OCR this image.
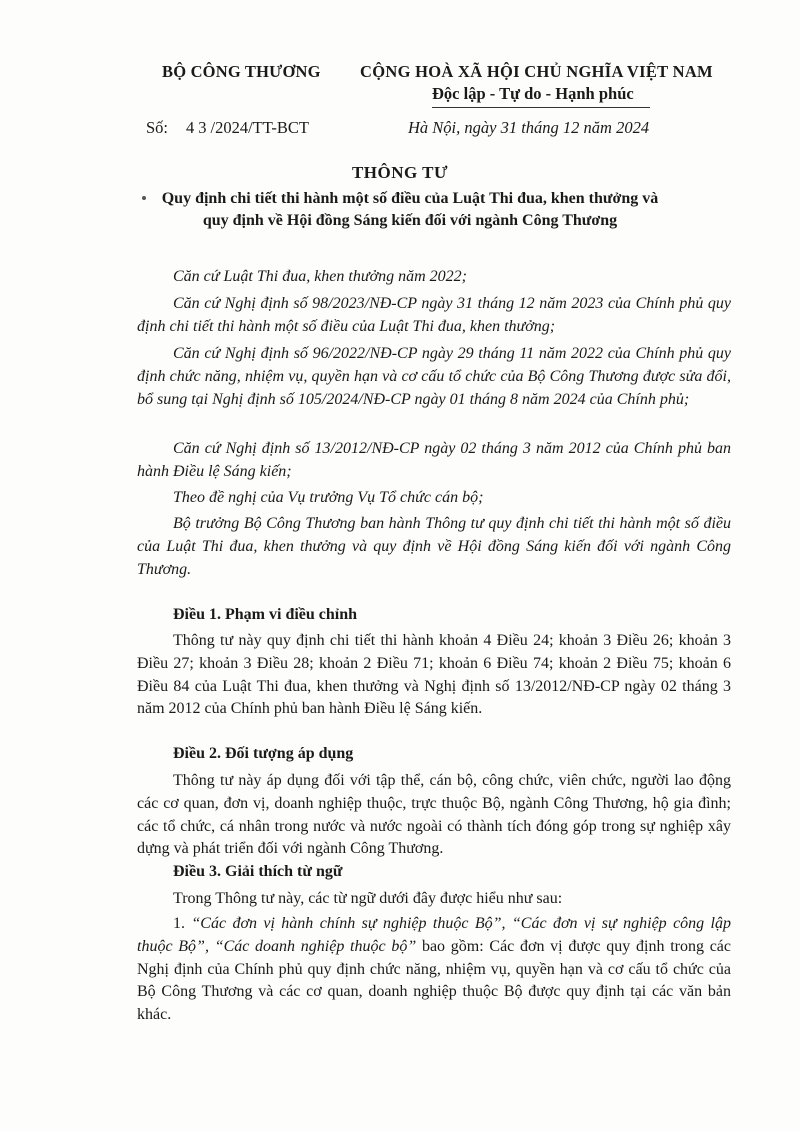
BỘ CÔNG THƯƠNG CỘNG HOÀ XÃ HỘI CHỦ NGHĨA VIỆT NAM
Độc lập - Tự do - Hạnh phúc
Số: 43/2024/TT-BCT	Hà Nội, ngày 31 tháng 12 năm 2024
THÔNG TƯ
Quy định chi tiết thi hành một số điều của Luật Thi đua, khen thưởng và
quy định về Hội đồng Sáng kiến đối với ngành Công Thương
Căn cứ Luật Thi đua, khen thưởng năm 2022;
Căn cứ Nghị định số 98/2023/NĐ-CP ngày 31 tháng 12 năm 2023 của Chính phủ quy định chi tiết thi hành một số điều của Luật Thi đua, khen thưởng;
Căn cứ Nghị định số 96/2022/NĐ-CP ngày 29 tháng 11 năm 2022 của Chính phủ quy định chức năng, nhiệm vụ, quyền hạn và cơ cấu tổ chức của Bộ Công Thương được sửa đổi, bổ sung tại Nghị định số 105/2024/NĐ-CP ngày 01 tháng 8 năm 2024 của Chính phủ;
Căn cứ Nghị định số 13/2012/NĐ-CP ngày 02 tháng 3 năm 2012 của Chính phủ ban hành Điều lệ Sáng kiến;
Theo đề nghị của Vụ trưởng Vụ Tổ chức cán bộ;
Bộ trưởng Bộ Công Thương ban hành Thông tư quy định chi tiết thi hành một số điều của Luật Thi đua, khen thưởng và quy định về Hội đồng Sáng kiến đối với ngành Công Thương.
Điều 1. Phạm vi điều chỉnh
Thông tư này quy định chi tiết thi hành khoản 4 Điều 24; khoản 3 Điều 26; khoản 3 Điều 27; khoản 3 Điều 28; khoản 2 Điều 71; khoản 6 Điều 74; khoản 2 Điều 75; khoản 6 Điều 84 của Luật Thi đua, khen thưởng và Nghị định số 13/2012/NĐ-CP ngày 02 tháng 3 năm 2012 của Chính phủ ban hành Điều lệ Sáng kiến.
Điều 2. Đối tượng áp dụng
Thông tư này áp dụng đối với tập thể, cán bộ, công chức, viên chức, người lao động các cơ quan, đơn vị, doanh nghiệp thuộc, trực thuộc Bộ, ngành Công Thương, hộ gia đình; các tổ chức, cá nhân trong nước và nước ngoài có thành tích đóng góp trong sự nghiệp xây dựng và phát triển đối với ngành Công Thương.
Điều 3. Giải thích từ ngữ
Trong Thông tư này, các từ ngữ dưới đây được hiểu như sau:
1. “Các đơn vị hành chính sự nghiệp thuộc Bộ”, “Các đơn vị sự nghiệp công lập thuộc Bộ”, “Các doanh nghiệp thuộc bộ” bao gồm: Các đơn vị được quy định trong các Nghị định của Chính phủ quy định chức năng, nhiệm vụ, quyền hạn và cơ cấu tổ chức của Bộ Công Thương và các cơ quan, doanh nghiệp thuộc Bộ được quy định tại các văn bản khác.
